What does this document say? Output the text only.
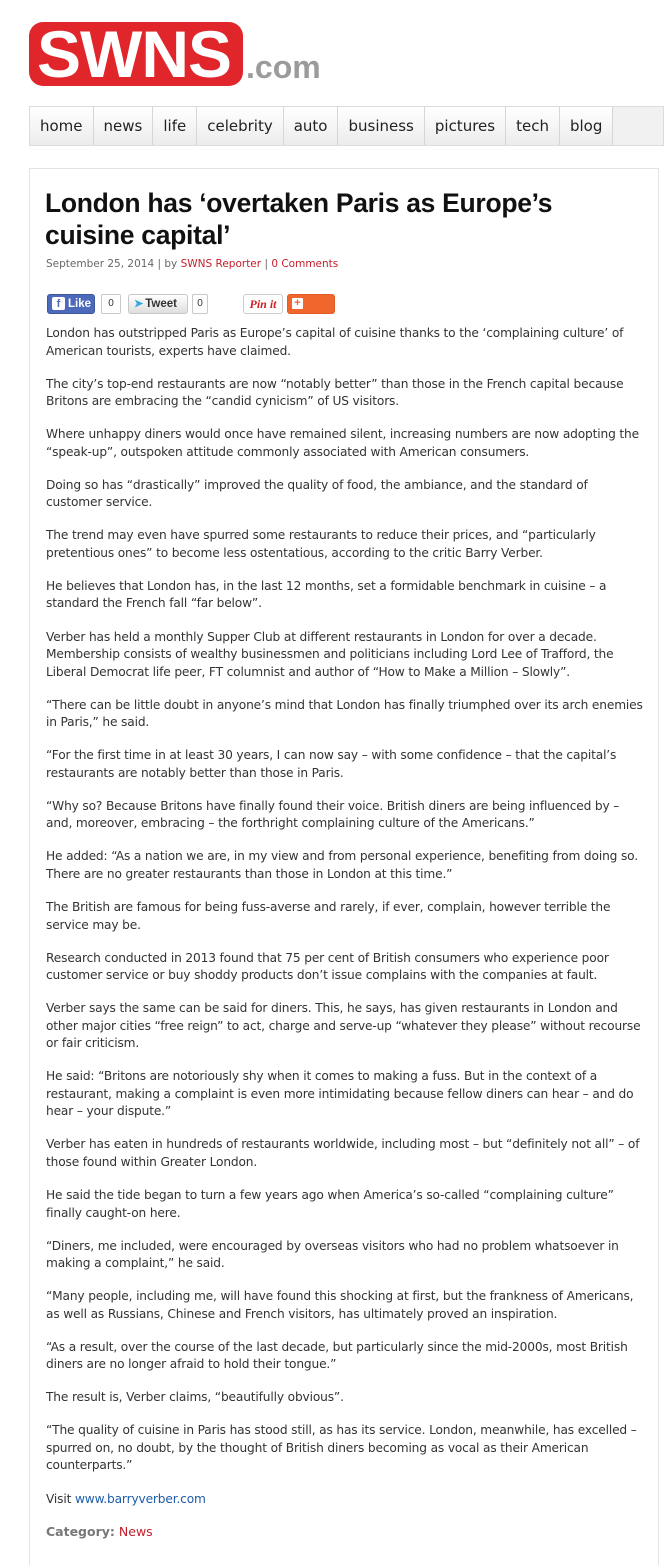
SWNS .com
home	news	life	celebrity	auto	business	pictures	tech	blog
London has ‘overtaken Paris as Europe’s cuisine capital’
September 25, 2014 | by SWNS Reporter | 0 Comments
f Like	0	➤ Tweet	0	Pin it	+Share

London has outstripped Paris as Europe’s capital of cuisine thanks to the ‘complaining culture’ of American tourists, experts have claimed.

The city’s top-end restaurants are now “notably better” than those in the French capital because Britons are embracing the “candid cynicism” of US visitors.

Where unhappy diners would once have remained silent, increasing numbers are now adopting the “speak-up”, outspoken attitude commonly associated with American consumers.

Doing so has “drastically” improved the quality of food, the ambiance, and the standard of customer service.

The trend may even have spurred some restaurants to reduce their prices, and “particularly pretentious ones” to become less ostentatious, according to the critic Barry Verber.

He believes that London has, in the last 12 months, set a formidable benchmark in cuisine – a standard the French fall “far below”.

Verber has held a monthly Supper Club at different restaurants in London for over a decade. Membership consists of wealthy businessmen and politicians including Lord Lee of Trafford, the Liberal Democrat life peer, FT columnist and author of “How to Make a Million – Slowly”.

“There can be little doubt in anyone’s mind that London has finally triumphed over its arch enemies in Paris,” he said.

“For the first time in at least 30 years, I can now say – with some confidence – that the capital’s restaurants are notably better than those in Paris.

“Why so? Because Britons have finally found their voice. British diners are being influenced by – and, moreover, embracing – the forthright complaining culture of the Americans.”

He added: “As a nation we are, in my view and from personal experience, benefiting from doing so. There are no greater restaurants than those in London at this time.”

The British are famous for being fuss-averse and rarely, if ever, complain, however terrible the service may be.

Research conducted in 2013 found that 75 per cent of British consumers who experience poor customer service or buy shoddy products don’t issue complains with the companies at fault.

Verber says the same can be said for diners. This, he says, has given restaurants in London and other major cities “free reign” to act, charge and serve-up “whatever they please” without recourse or fair criticism.

He said: “Britons are notoriously shy when it comes to making a fuss. But in the context of a restaurant, making a complaint is even more intimidating because fellow diners can hear – and do hear – your dispute.”

Verber has eaten in hundreds of restaurants worldwide, including most – but “definitely not all” – of those found within Greater London.

He said the tide began to turn a few years ago when America’s so-called “complaining culture” finally caught-on here.

“Diners, me included, were encouraged by overseas visitors who had no problem whatsoever in making a complaint,” he said.

“Many people, including me, will have found this shocking at first, but the frankness of Americans, as well as Russians, Chinese and French visitors, has ultimately proved an inspiration.

“As a result, over the course of the last decade, but particularly since the mid-2000s, most British diners are no longer afraid to hold their tongue.”

The result is, Verber claims, “beautifully obvious”.

“The quality of cuisine in Paris has stood still, as has its service. London, meanwhile, has excelled – spurred on, no doubt, by the thought of British diners becoming as vocal as their American counterparts.”

Visit www.barryverber.com

Category: News
